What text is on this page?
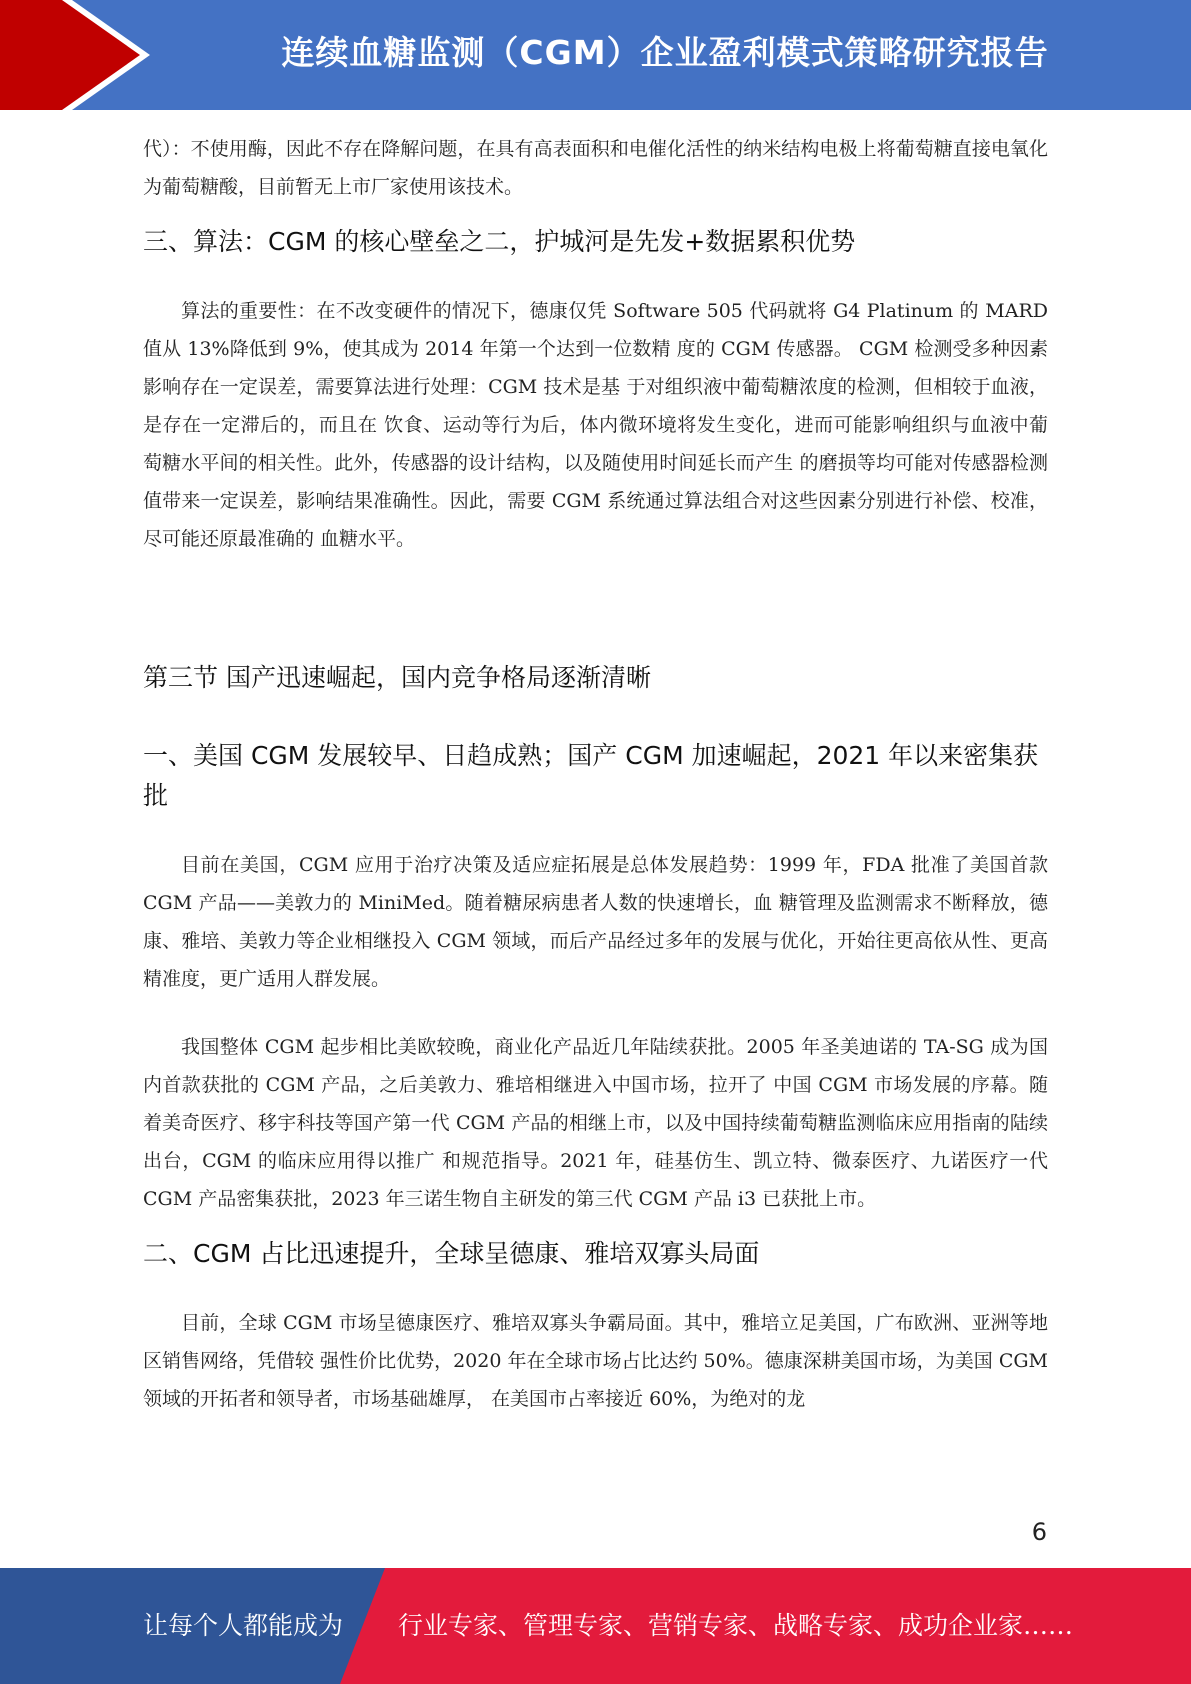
连续血糖监测（CGM）企业盈利模式策略研究报告

代）：不使用酶，因此不存在降解问题，在具有高表面积和电催化活性的纳米结构电极上将葡萄糖直接电氧化为葡萄糖酸，目前暂无上市厂家使用该技术。

三、算法：CGM 的核心壁垒之二，护城河是先发+数据累积优势

算法的重要性：在不改变硬件的情况下，德康仅凭 Software 505 代码就将 G4 Platinum 的 MARD 值从 13%降低到 9%，使其成为 2014 年第一个达到一位数精 度的 CGM 传感器。 CGM 检测受多种因素影响存在一定误差，需要算法进行处理：CGM 技术是基 于对组织液中葡萄糖浓度的检测，但相较于血液，是存在一定滞后的，而且在 饮食、运动等行为后，体内微环境将发生变化，进而可能影响组织与血液中葡 萄糖水平间的相关性。此外，传感器的设计结构，以及随使用时间延长而产生 的磨损等均可能对传感器检测值带来一定误差，影响结果准确性。因此，需要 CGM 系统通过算法组合对这些因素分别进行补偿、校准，尽可能还原最准确的 血糖水平。

第三节 国产迅速崛起，国内竞争格局逐渐清晰
一、美国 CGM 发展较早、日趋成熟；国产 CGM 加速崛起，2021 年以来密集获批

目前在美国，CGM 应用于治疗决策及适应症拓展是总体发展趋势：1999 年，FDA 批准了美国首款 CGM 产品——美敦力的 MiniMed。随着糖尿病患者人数的快速增长，血 糖管理及监测需求不断释放，德康、雅培、美敦力等企业相继投入 CGM 领域，而后产品经过多年的发展与优化，开始往更高依从性、更高精准度，更广适用人群发展。

我国整体 CGM 起步相比美欧较晚，商业化产品近几年陆续获批。2005 年圣美迪诺的 TA-SG 成为国内首款获批的 CGM 产品，之后美敦力、雅培相继进入中国市场，拉开了 中国 CGM 市场发展的序幕。随着美奇医疗、移宇科技等国产第一代 CGM 产品的相继上市，以及中国持续葡萄糖监测临床应用指南的陆续出台，CGM 的临床应用得以推广 和规范指导。2021 年，硅基仿生、凯立特、微泰医疗、九诺医疗一代 CGM 产品密集获批，2023 年三诺生物自主研发的第三代 CGM 产品 i3 已获批上市。

二、CGM 占比迅速提升，全球呈德康、雅培双寡头局面

目前，全球 CGM 市场呈德康医疗、雅培双寡头争霸局面。其中，雅培立足美国，广布欧洲、亚洲等地区销售网络，凭借较 强性价比优势，2020 年在全球市场占比达约 50%。德康深耕美国市场，为美国 CGM 领域的开拓者和领导者，市场基础雄厚， 在美国市占率接近 60%，为绝对的龙

6
让每个人都能成为 行业专家、管理专家、营销专家、战略专家、成功企业家……
